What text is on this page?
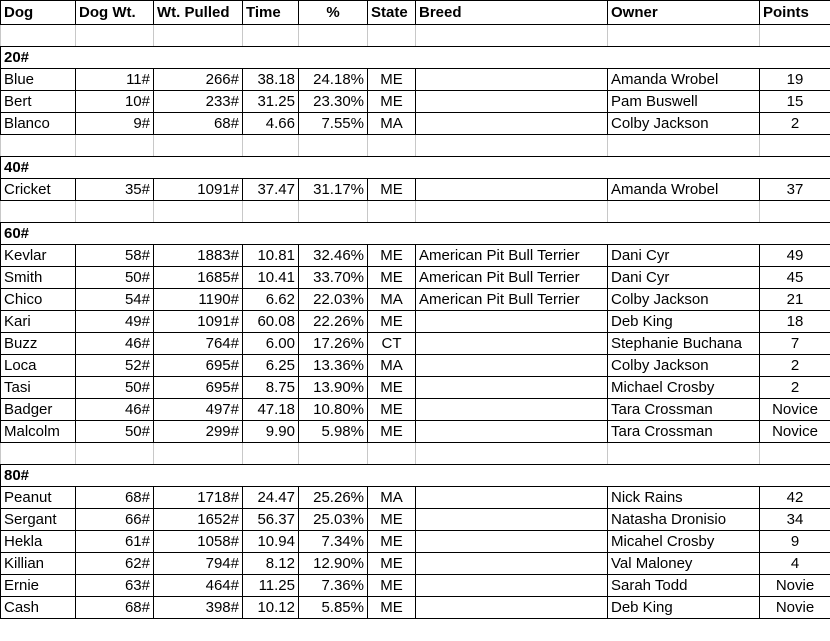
Dog	Dog Wt.	Wt. Pulled	Time	%	State	Breed	Owner	Points

20#								
Blue	11#	266#	38.18	24.18%	ME		Amanda Wrobel	19
Bert	10#	233#	31.25	23.30%	ME		Pam Buswell	15
Blanco	9#	68#	4.66	7.55%	MA		Colby Jackson	2

40#								
Cricket	35#	1091#	37.47	31.17%	ME		Amanda Wrobel	37

60#								
Kevlar	58#	1883#	10.81	32.46%	ME	American Pit Bull Terrier	Dani Cyr	49
Smith	50#	1685#	10.41	33.70%	ME	American Pit Bull Terrier	Dani Cyr	45
Chico	54#	1190#	6.62	22.03%	MA	American Pit Bull Terrier	Colby Jackson	21
Kari	49#	1091#	60.08	22.26%	ME		Deb King	18
Buzz	46#	764#	6.00	17.26%	CT		Stephanie Buchana	7
Loca	52#	695#	6.25	13.36%	MA		Colby Jackson	2
Tasi	50#	695#	8.75	13.90%	ME		Michael Crosby	2
Badger	46#	497#	47.18	10.80%	ME		Tara Crossman	Novice
Malcolm	50#	299#	9.90	5.98%	ME		Tara Crossman	Novice

80#								
Peanut	68#	1718#	24.47	25.26%	MA		Nick Rains	42
Sergant	66#	1652#	56.37	25.03%	ME		Natasha Dronisio	34
Hekla	61#	1058#	10.94	7.34%	ME		Micahel Crosby	9
Killian	62#	794#	8.12	12.90%	ME		Val Maloney	4
Ernie	63#	464#	11.25	7.36%	ME		Sarah Todd	Novie
Cash	68#	398#	10.12	5.85%	ME		Deb King	Novie
